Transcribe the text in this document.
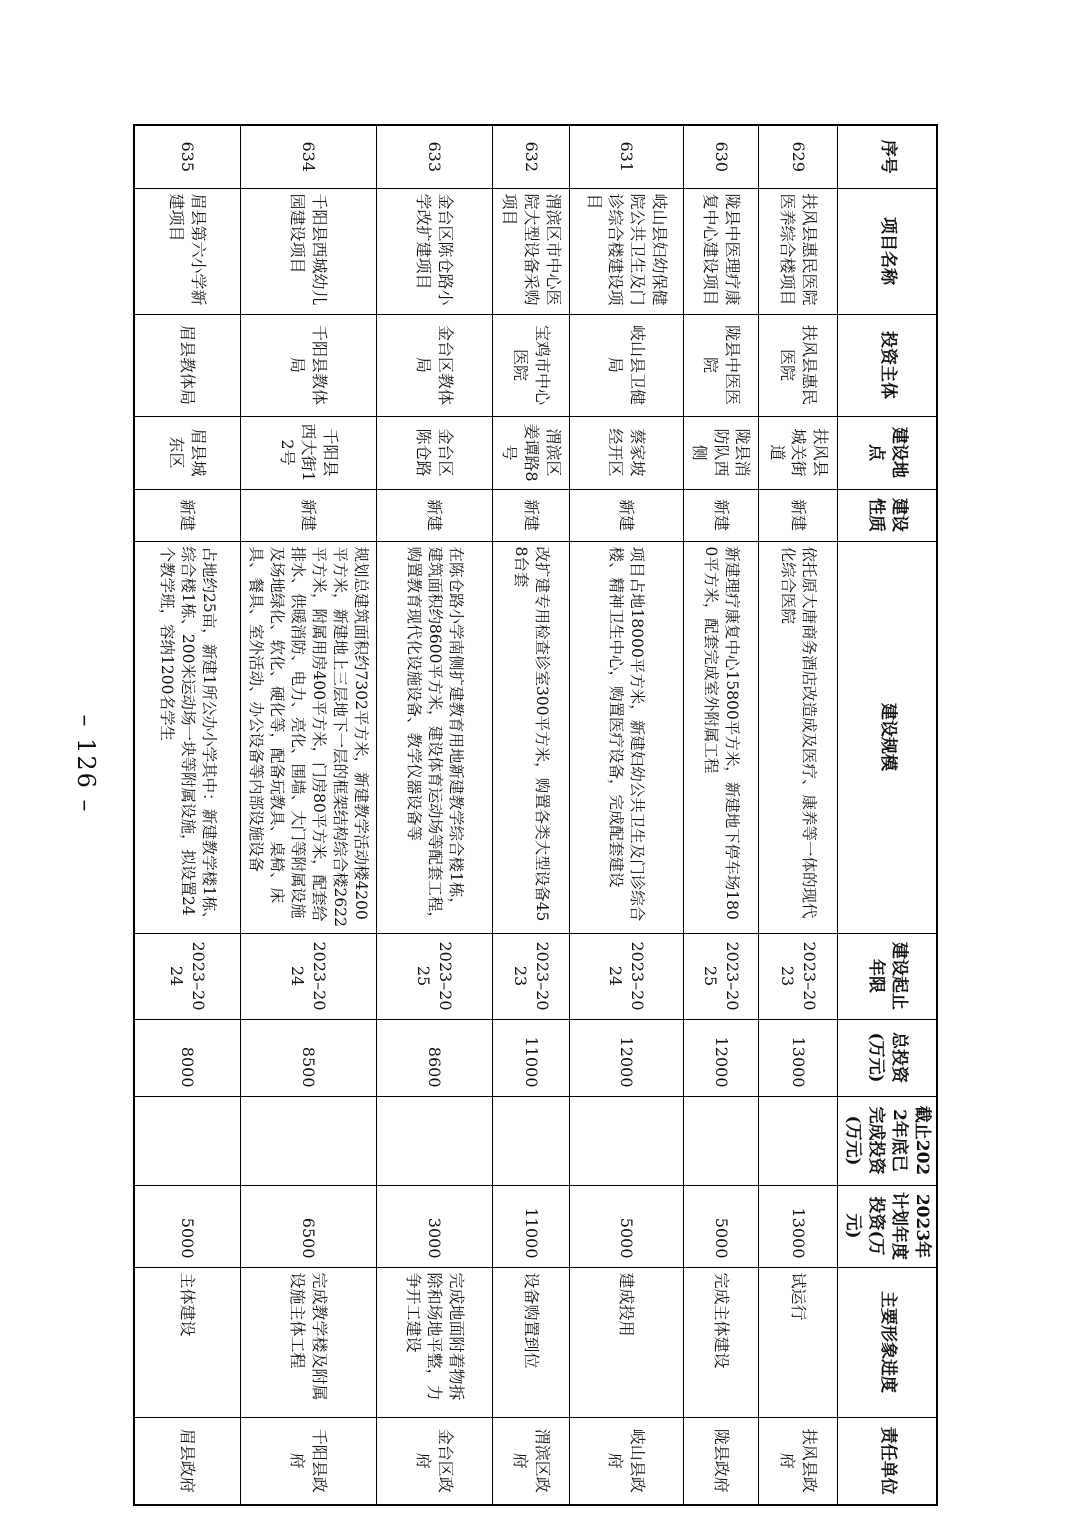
– 126 –
序号	项目名称	投资主体	建设地点	建设性质	建设规模	建设起止年限	总投资(万元)	截止2022年底已完成投资(万元)	2023年计划年度投资(万元)	主要形象进度	责任单位
629	扶风县惠民医院医养综合楼项目	扶风县惠民医院	扶风县城关街道	新建	依托原大唐商务酒店改造成及医疗、康养等一体的现代化综合医院	2023–2023	13000		13000	试运行	扶风县政府
630	陇县中医理疗康复中心建设项目	陇县中医医院	陇县消防队西侧	新建	新建理疗康复中心15800平方米，新建地下停车场1800平方米，配套完成室外附属工程	2023–2025	12000		5000	完成主体建设	陇县政府
631	岐山县妇幼保健院公共卫生及门诊综合楼建设项目	岐山县卫健局	蔡家坡经开区	新建	项目占地18000平方米，新建妇幼公共卫生及门诊综合楼、精神卫生中心，购置医疗设备，完成配套建设	2023–2024	12000		5000	建成投用	岐山县政府
632	渭滨区市中心医院大型设备采购项目	宝鸡市中心医院	渭滨区姜谭路8号	新建	改扩建专用检查诊室300平方米，购置各类大型设备458台套	2023–2023	11000		11000	设备购置到位	渭滨区政府
633	金台区陈仓路小学改扩建项目	金台区教体局	金台区陈仓路	新建	在陈仓路小学南侧扩建教育用地新建教学综合楼1栋，建筑面积约8600平方米，建设体育运动场等配套工程，购置教育现代化设施设备、教学仪器设备等	2023–2025	8600		3000	完成地面附着物拆除和场地平整，力争开工建设	金台区政府
634	千阳县西城幼儿园建设项目	千阳县教体局	千阳县西大街12号	新建	规划总建筑面积约7302平方米，新建教学活动楼4200平方米，新建地上三层地下一层的框架结构综合楼2622平方米，附属用房400平方米，门房80平方米，配套给排水、供暖消防、电力、亮化、围墙、大门等附属设施及场地绿化、软化、硬化等，配备玩教具、桌椅、床具、餐具、室外活动、办公设备等内部设施设备	2023–2024	8500		6500	完成教学楼及附属设施主体工程	千阳县政府
635	眉县第六小学新建项目	眉县教体局	眉县城东区	新建	占地约25亩，新建1所公办小学其中：新建教学楼1栋、综合楼1栋、200米运动场一块等附属设施，拟设置24个教学班，容纳1200名学生	2023–2024	8000		5000	主体建设	眉县政府
